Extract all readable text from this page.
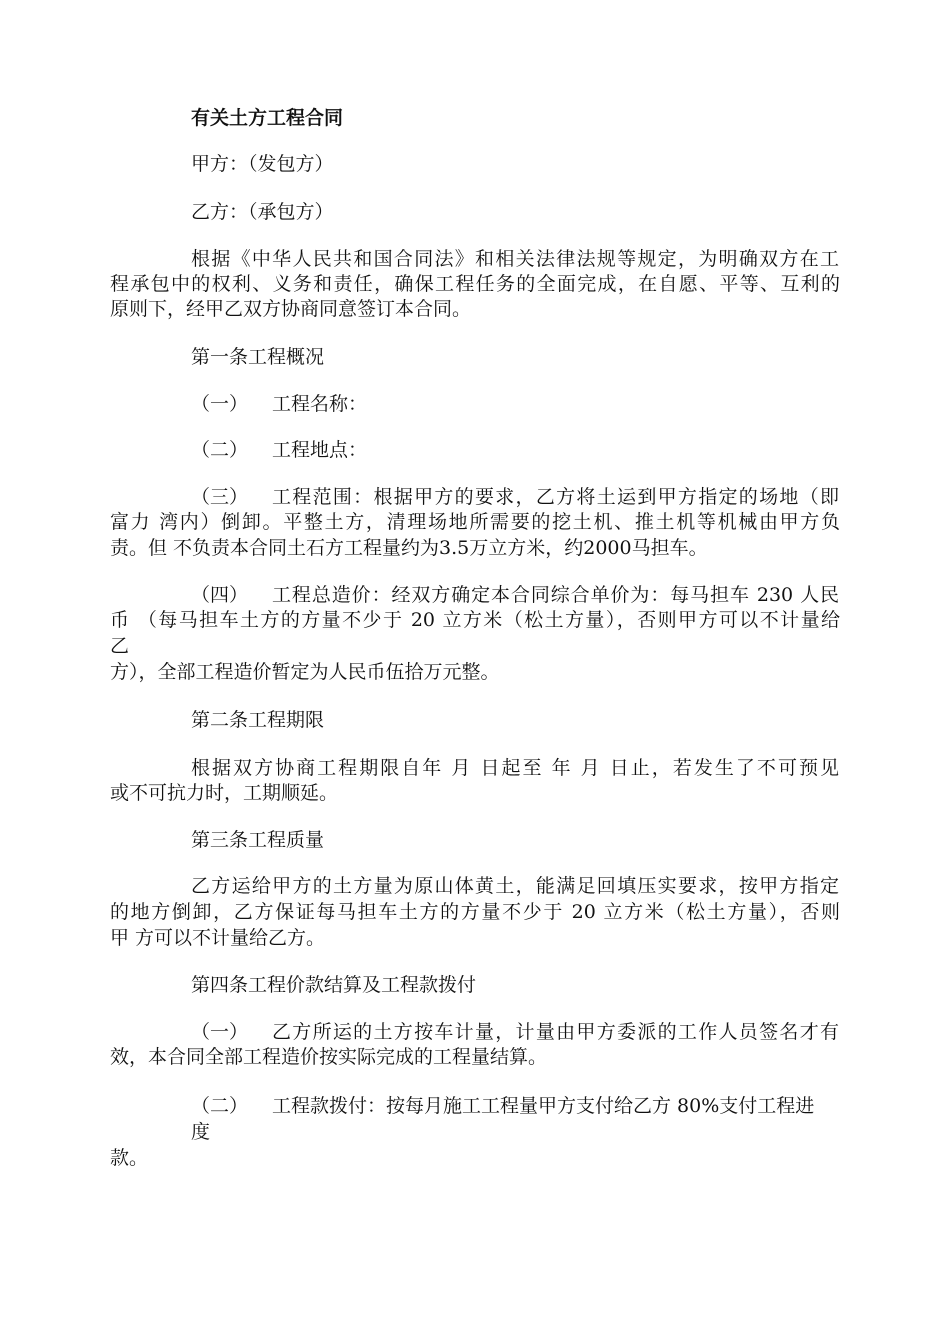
有关土方工程合同

甲方：（发包方）

乙方：（承包方）

根据《中华人民共和国合同法》和相关法律法规等规定，为明确双方在工

程承包中的权利、义务和责任，确保工程任务的全面完成，在自愿、平等、互利的

原则下，经甲乙双方协商同意签订本合同。

第一条工程概况

（一） 工程名称：

（二） 工程地点：

（三） 工程范围：根据甲方的要求，乙方将土运到甲方指定的场地（即

富力 湾内）倒卸。平整土方，清理场地所需要的挖土机、推土机等机械由甲方负

责。但 不负责本合同土石方工程量约为3.5万立方米，约2000马担车。

（四） 工程总造价：经双方确定本合同综合单价为：每马担车 230 人民

币 （每马担车土方的方量不少于 20 立方米（松土方量），否则甲方可以不计量给

乙

方），全部工程造价暂定为人民币伍拾万元整。

第二条工程期限

根据双方协商工程期限自年 月 日起至 年 月 日止，若发生了不可预见

或不可抗力时，工期顺延。

第三条工程质量

乙方运给甲方的土方量为原山体黄土，能满足回填压实要求，按甲方指定

的地方倒卸，乙方保证每马担车土方的方量不少于 20 立方米（松土方量），否则

甲 方可以不计量给乙方。

第四条工程价款结算及工程款拨付

（一） 乙方所运的土方按车计量，计量由甲方委派的工作人员签名才有

效，本合同全部工程造价按实际完成的工程量结算。

（二） 工程款拨付：按每月施工工程量甲方支付给乙方 80%支付工程进

度

款。
